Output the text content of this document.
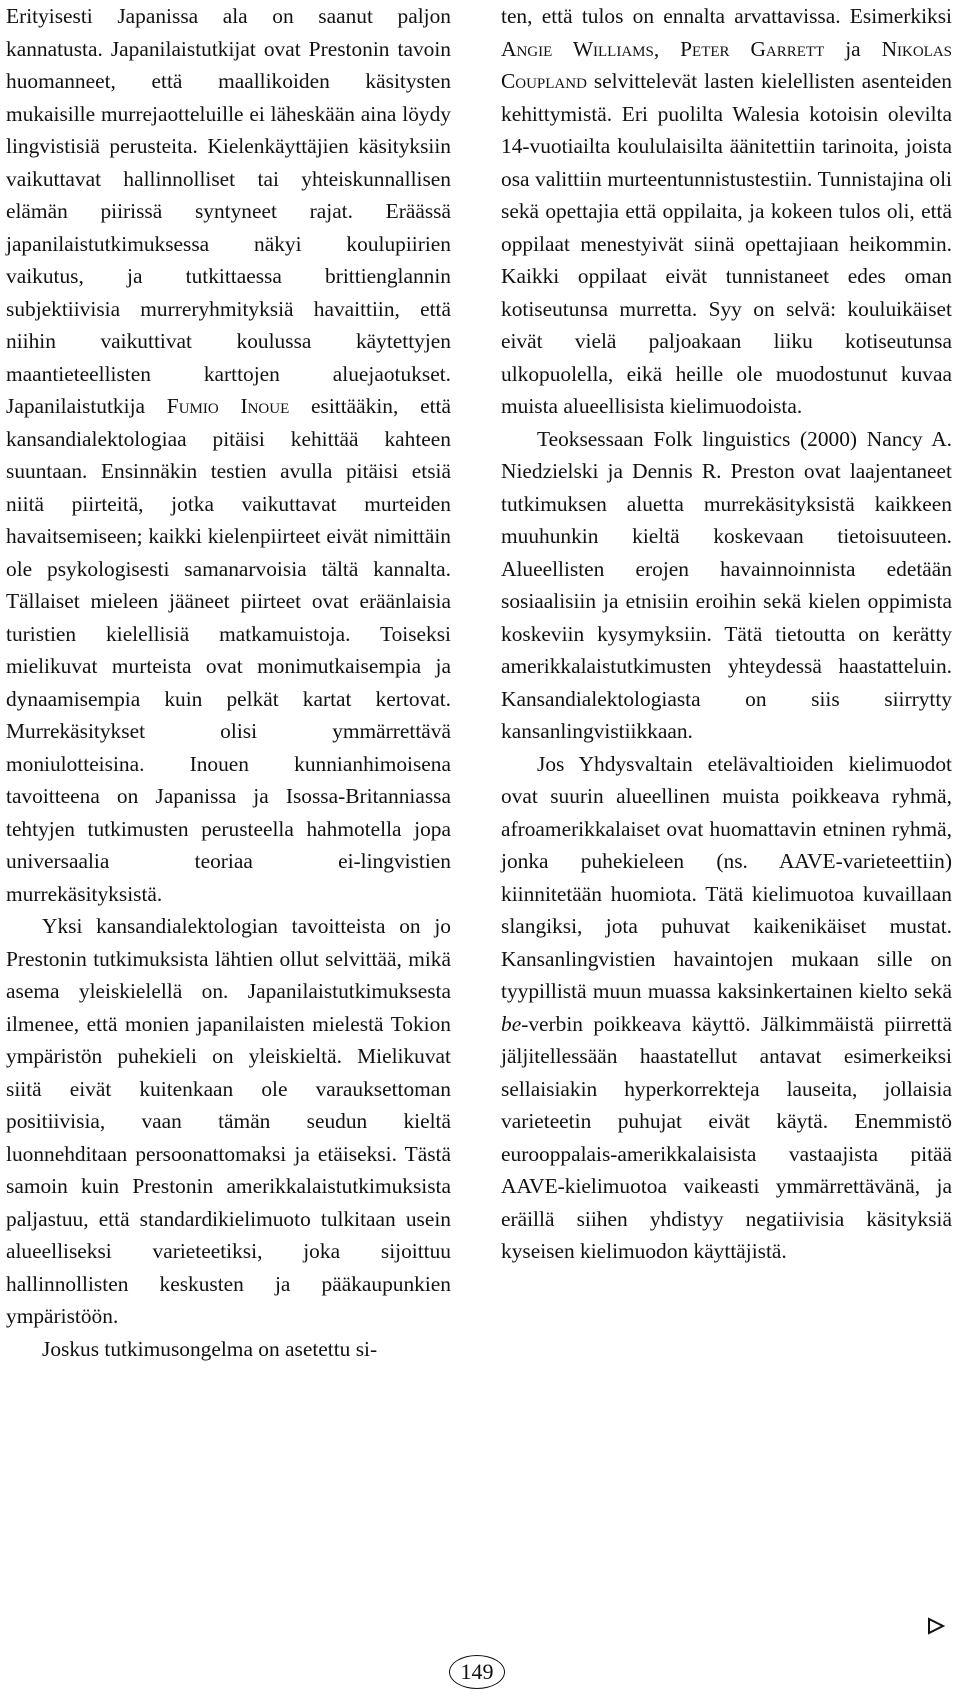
Erityisesti Japanissa ala on saanut paljon kannatusta. Japanilaistutkijat ovat Prestonin tavoin huomanneet, että maallikoiden käsitysten mukaisille murrejaotteluille ei läheskään aina löydy lingvistisiä perusteita. Kielenkäyttäjien käsityksiin vaikuttavat hallinnolliset tai yhteiskunnallisen elämän piirissä syntyneet rajat. Eräässä japanilaistutkimuksessa näkyi koulupiirien vaikutus, ja tutkittaessa brittienglannin subjektiivisia murreryhmityksiä havaittiin, että niihin vaikuttivat koulussa käytettyjen maantieteellisten karttojen aluejaotukset. Japanilaistutkija Fumio Inoue esittääkin, että kansandialektologiaa pitäisi kehittää kahteen suuntaan. Ensinnäkin testien avulla pitäisi etsiä niitä piirteitä, jotka vaikuttavat murteiden havaitsemiseen; kaikki kielenpiirteet eivät nimittäin ole psykologisesti samanarvoisia tältä kannalta. Tällaiset mieleen jääneet piirteet ovat eräänlaisia turistien kielellisiä matkamuistoja. Toiseksi mielikuvat murteista ovat monimutkaisempia ja dynaamisempia kuin pelkät kartat kertovat. Murrekäsitykset olisi ymmärrettävä moniulotteisina. Inouen kunnianhimoisena tavoitteena on Japanissa ja Isossa-Britanniassa tehtyjen tutkimusten perusteella hahmotella jopa universaalia teoriaa ei-lingvistien murrekäsityksistä.

Yksi kansandialektologian tavoitteista on jo Prestonin tutkimuksista lähtien ollut selvittää, mikä asema yleiskielellä on. Japanilaistutkimuksesta ilmenee, että monien japanilaisten mielestä Tokion ympäristön puhekieli on yleiskieltä. Mielikuvat siitä eivät kuitenkaan ole varauksettoman positiivisia, vaan tämän seudun kieltä luonnehditaan persoonattomaksi ja etäiseksi. Tästä samoin kuin Prestonin amerikkalaistutkimuksista paljastuu, että standardikielimuoto tulkitaan usein alueelliseksi varieteetiksi, joka sijoittuu hallinnollisten keskusten ja pääkaupunkien ympäristöön.

Joskus tutkimusongelma on asetettu si-

ten, että tulos on ennalta arvattavissa. Esimerkiksi Angie Williams, Peter Garrett ja Nikolas Coupland selvittelevät lasten kielellisten asenteiden kehittymistä. Eri puolilta Walesia kotoisin olevilta 14-vuotiailta koululaisilta äänitettiin tarinoita, joista osa valittiin murteentunnistustestiin. Tunnistajina oli sekä opettajia että oppilaita, ja kokeen tulos oli, että oppilaat menestyivät siinä opettajiaan heikommin. Kaikki oppilaat eivät tunnistaneet edes oman kotiseutunsa murretta. Syy on selvä: kouluikäiset eivät vielä paljoakaan liiku kotiseutunsa ulkopuolella, eikä heille ole muodostunut kuvaa muista alueellisista kielimuodoista.

Teoksessaan Folk linguistics (2000) Nancy A. Niedzielski ja Dennis R. Preston ovat laajentaneet tutkimuksen aluetta murrekäsityksistä kaikkeen muuhunkin kieltä koskevaan tietoisuuteen. Alueellisten erojen havainnoinnista edetään sosiaalisiin ja etnisiin eroihin sekä kielen oppimista koskeviin kysymyksiin. Tätä tietoutta on kerätty amerikkalaistutkimusten yhteydessä haastatteluin. Kansandialektologiasta on siis siirrytty kansanlingvistiikkaan.

Jos Yhdysvaltain etelävaltioiden kielimuodot ovat suurin alueellinen muista poikkeava ryhmä, afroamerikkalaiset ovat huomattavin etninen ryhmä, jonka puhekieleen (ns. AAVE-varieteettiin) kiinnitetään huomiota. Tätä kielimuotoa kuvaillaan slangiksi, jota puhuvat kaikenikäiset mustat. Kansanlingvistien havaintojen mukaan sille on tyypillistä muun muassa kaksinkertainen kielto sekä be-verbin poikkeava käyttö. Jälkimmäistä piirrettä jäljitellessään haastatellut antavat esimerkeiksi sellaisiakin hyperkorrekteja lauseita, jollaisia varieteetin puhujat eivät käytä. Enemmistö eurooppalais-amerikkalaisista vastaajista pitää AAVE-kielimuotoa vaikeasti ymmärrettävänä, ja eräillä siihen yhdistyy negatiivisia käsityksiä kyseisen kielimuodon käyttäjistä.

149
